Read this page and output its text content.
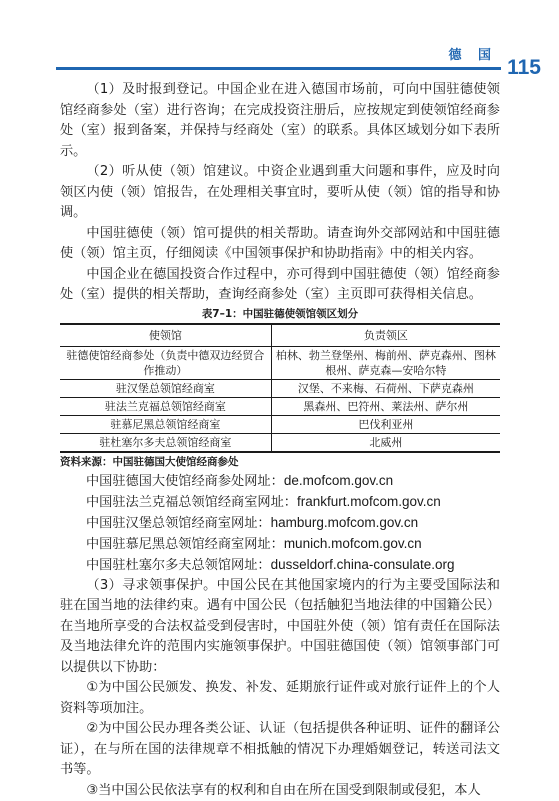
德 国
115

（1）及时报到登记。中国企业在进入德国市场前，可向中国驻德使领馆经商参处（室）进行咨询；在完成投资注册后，应按规定到使领馆经商参处（室）报到备案，并保持与经商处（室）的联系。具体区域划分如下表所示。

（2）听从使（领）馆建议。中资企业遇到重大问题和事件，应及时向领区内使（领）馆报告，在处理相关事宜时，要听从使（领）馆的指导和协调。

中国驻德使（领）馆可提供的相关帮助。请查询外交部网站和中国驻德使（领）馆主页，仔细阅读《中国领事保护和协助指南》中的相关内容。

中国企业在德国投资合作过程中，亦可得到中国驻德使（领）馆经商参处（室）提供的相关帮助，查询经商参处（室）主页即可获得相关信息。

表7–1：中国驻德使领馆领区划分
使领馆	负责领区
驻德使馆经商参处（负责中德双边经贸合作推动）	柏林、勃兰登堡州、梅前州、萨克森州、图林根州、萨克森—安哈尔特
驻汉堡总领馆经商室	汉堡、不来梅、石荷州、下萨克森州
驻法兰克福总领馆经商室	黑森州、巴符州、莱法州、萨尔州
驻慕尼黑总领馆经商室	巴伐利亚州
驻杜塞尔多夫总领馆经商室	北威州
资料来源：中国驻德国大使馆经商参处
中国驻德国大使馆经商参处网址：de.mofcom.gov.cn
中国驻法兰克福总领馆经商室网址：frankfurt.mofcom.gov.cn
中国驻汉堡总领馆经商室网址：hamburg.mofcom.gov.cn
中国驻慕尼黑总领馆经商室网址：munich.mofcom.gov.cn
中国驻杜塞尔多夫总领馆网址：dusseldorf.china-consulate.org

（3）寻求领事保护。中国公民在其他国家境内的行为主要受国际法和驻在国当地的法律约束。遇有中国公民（包括触犯当地法律的中国籍公民）在当地所享受的合法权益受到侵害时，中国驻外使（领）馆有责任在国际法及当地法律允许的范围内实施领事保护。中国驻德国使（领）馆领事部门可以提供以下协助：

①为中国公民颁发、换发、补发、延期旅行证件或对旅行证件上的个人资料等项加注。

②为中国公民办理各类公证、认证（包括提供各种证明、证件的翻译公证），在与所在国的法律规章不相抵触的情况下办理婚姻登记，转送司法文书等。

③当中国公民依法享有的权利和自由在所在国受到限制或侵犯，本人
